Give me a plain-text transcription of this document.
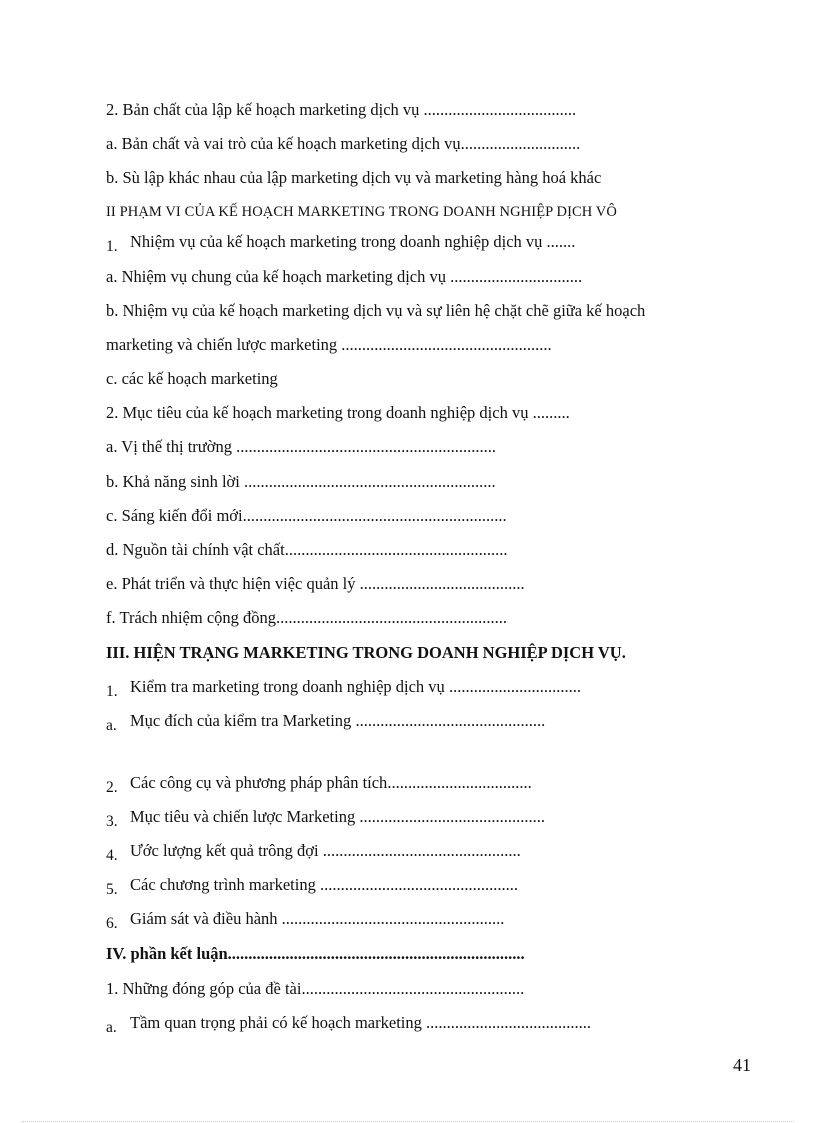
2. Bản chất của lập kế hoạch marketing dịch vụ .....................................
a. Bản chất và vai trò của kế hoạch marketing dịch vụ.............................
b. Sù lập khác nhau của lập marketing dịch vụ và marketing hàng hoá khác
II PHẠM VI CỦA KẾ HOẠCH MARKETING TRONG DOANH NGHIỆP DỊCH VÔ
1. Nhiệm vụ của kế hoạch marketing trong doanh nghiệp dịch vụ .......
a. Nhiệm vụ chung của kế hoạch marketing dịch vụ ................................
b. Nhiệm vụ của kế hoạch marketing dịch vụ và sự liên hệ chặt chẽ giữa kế hoạch
marketing và chiến lược marketing ...................................................
c. các kế hoạch marketing
2. Mục tiêu của kế hoạch marketing trong doanh nghiệp dịch vụ .........
a. Vị thế thị trường ...............................................................
b. Khả năng sinh lời .............................................................
c. Sáng kiến đổi mới................................................................
d. Nguồn tài chính vật chất......................................................
e. Phát triển và thực hiện việc quản lý ........................................
f. Trách nhiệm cộng đồng........................................................
III. HIỆN TRẠNG MARKETING TRONG DOANH NGHIỆP DỊCH VỤ.
1. Kiểm tra marketing trong doanh nghiệp dịch vụ ................................
a. Mục đích của kiểm tra Marketing ..............................................
2. Các công cụ và phương pháp phân tích...................................
3. Mục tiêu và chiến lược Marketing .............................................
4. Ước lượng kết quả trông đợi ................................................
5. Các chương trình marketing ................................................
6. Giám sát và điều hành ......................................................
IV. phần kết luận........................................................................
1. Những đóng góp của đề tài......................................................
a. Tầm quan trọng phải có kế hoạch marketing ........................................
41
